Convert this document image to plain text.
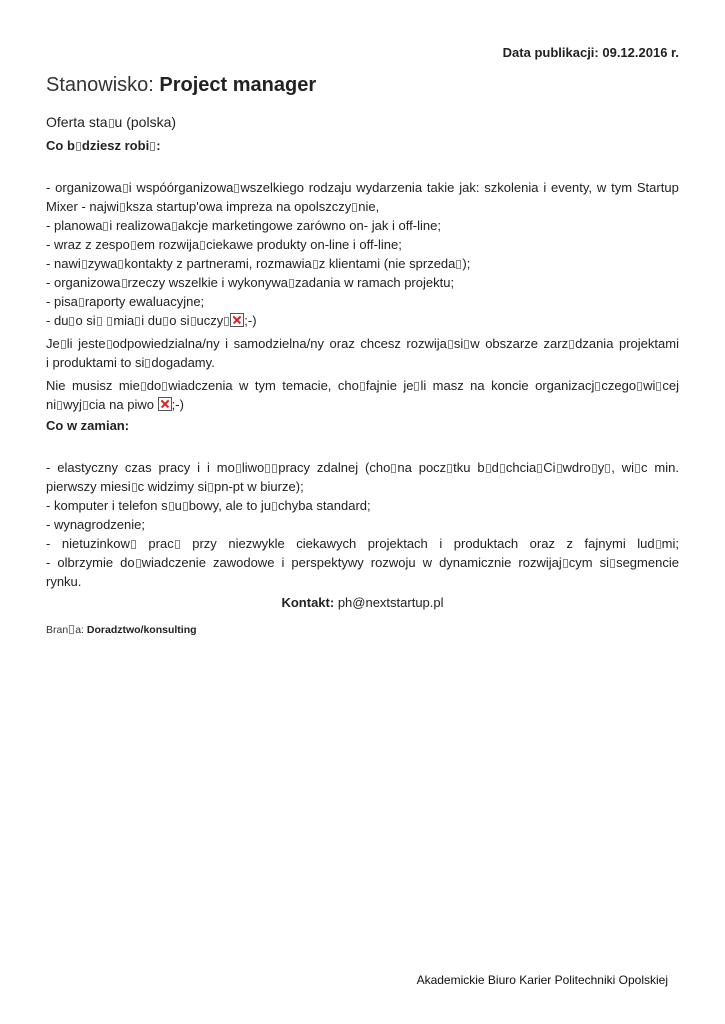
Data publikacji: 09.12.2016 r.
Stanowisko: Project manager
Oferta sta u (polska)
Co b dziesz robi :
- organizowa i wspóórganizowa wszelkiego rodzaju wydarzenia takie jak: szkolenia i eventy, w tym Startup
Mixer - najwi ksza startup'owa impreza na opolszczy nie,
- planowa i realizowa akcje marketingowe zarówno on- jak i off-line;
- wraz z zespo em rozwija ciekawe produkty on-line i off-line;
- nawi zywa kontakty z partnerami, rozmawia z klientami (nie sprzeda );
- organizowa rzeczy wszelkie i wykonywa zadania w ramach projektu;
- pisa raporty ewaluacyjne;
- du o si mia i du o si uczy ;-)
Je li jeste odpowiedzialna/ny i samodzielna/ny oraz chcesz rozwija si w obszarze zarz dzania projektami
i produktami to si dogadamy.
Nie musisz mie do wiadczenia w tym temacie, cho fajnie je li masz na koncie organizacj czego wi cej
ni wyj cia na piwo ;-)
Co w zamian:
- elastyczny czas pracy i i mo liwo pracy zdalnej (cho na pocz tku b d chcia Ci wdro y , wi c min.
pierwszy miesi c widzimy si pn-pt w biurze);
- komputer i telefon s u bowy, ale to ju chyba standard;
- wynagrodzenie;
- nietuzinkow prac przy niezwykle ciekawych projektach i produktach oraz z fajnymi lud mi;
- olbrzymie do wiadczenie zawodowe i perspektywy rozwoju w dynamicznie rozwijaj cym si segmencie
rynku.
Kontakt: ph@nextstartup.pl
Bran a: Doradztwo/konsulting
Akademickie Biuro Karier Politechniki Opolskiej
